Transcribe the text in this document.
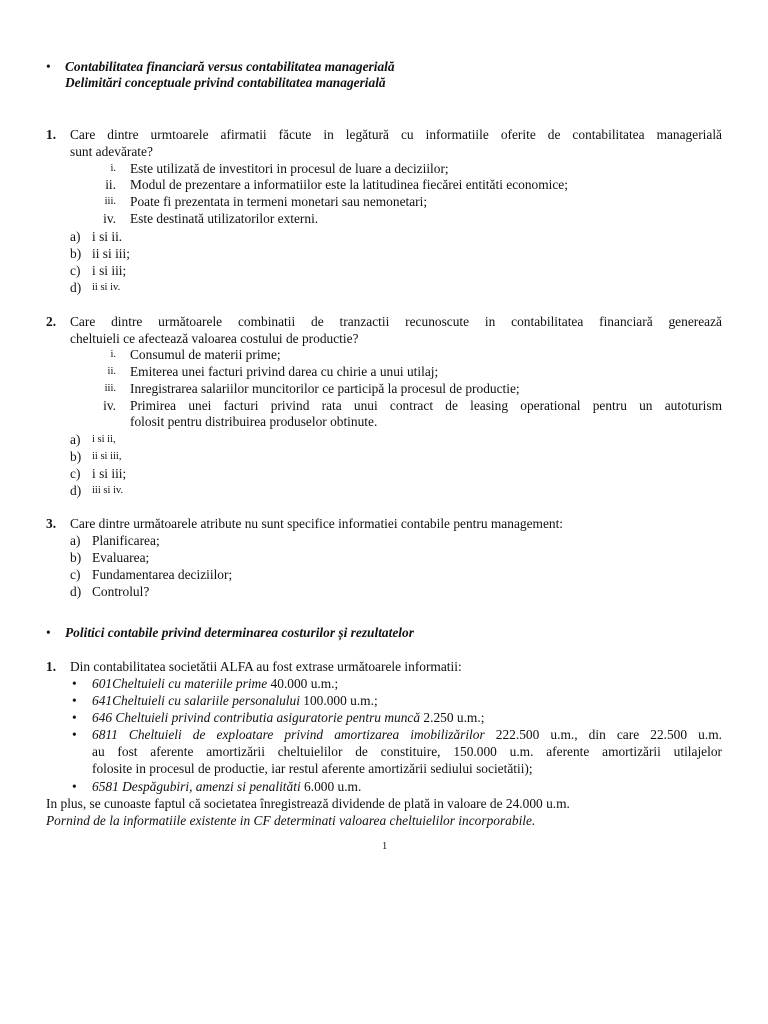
• Contabilitatea financiară versus contabilitatea managerială
Delimitări conceptuale privind contabilitatea managerială
1. Care dintre urmtoarele afirmatii făcute in legătură cu informatiile oferite de contabilitatea managerială
sunt adevărate?
i. Este utilizată de investitori in procesul de luare a deciziilor;
ii. Modul de prezentare a informatiilor este la latitudinea fiecărei entităti economice;
iii. Poate fi prezentata in termeni monetari sau nemonetari;
iv. Este destinată utilizatorilor externi.
a) i si ii.
b) ii si iii;
c) i si iii;
d) ii si iv.
2. Care dintre următoarele combinatii de tranzactii recunoscute in contabilitatea financiară generează
cheltuieli ce afectează valoarea costului de productie?
i. Consumul de materii prime;
ii. Emiterea unei facturi privind darea cu chirie a unui utilaj;
iii. Inregistrarea salariilor muncitorilor ce participă la procesul de productie;
iv. Primirea unei facturi privind rata unui contract de leasing operational pentru un autoturism
folosit pentru distribuirea produselor obtinute.
a) i si ii,
b) ii si iii,
c) i si iii;
d) iii si iv.
3. Care dintre următoarele atribute nu sunt specifice informatiei contabile pentru management:
a) Planificarea;
b) Evaluarea;
c) Fundamentarea deciziilor;
d) Controlul?
• Politici contabile privind determinarea costurilor și rezultatelor
1. Din contabilitatea societătii ALFA au fost extrase următoarele informatii:
• 601Cheltuieli cu materiile prime 40.000 u.m.;
• 641Cheltuieli cu salariile personalului 100.000 u.m.;
• 646 Cheltuieli privind contributia asiguratorie pentru muncă 2.250 u.m.;
• 6811 Cheltuieli de exploatare privind amortizarea imobilizărilor 222.500 u.m., din care 22.500 u.m.
au fost aferente amortizării cheltuielilor de constituire, 150.000 u.m. aferente amortizării utilajelor
folosite in procesul de productie, iar restul aferente amortizării sediului societătii);
• 6581 Despăgubiri, amenzi si penalităti 6.000 u.m.
In plus, se cunoaste faptul că societatea înregistrează dividende de plată in valoare de 24.000 u.m.
Pornind de la informatiile existente in CF determinati valoarea cheltuielilor incorporabile.
1
